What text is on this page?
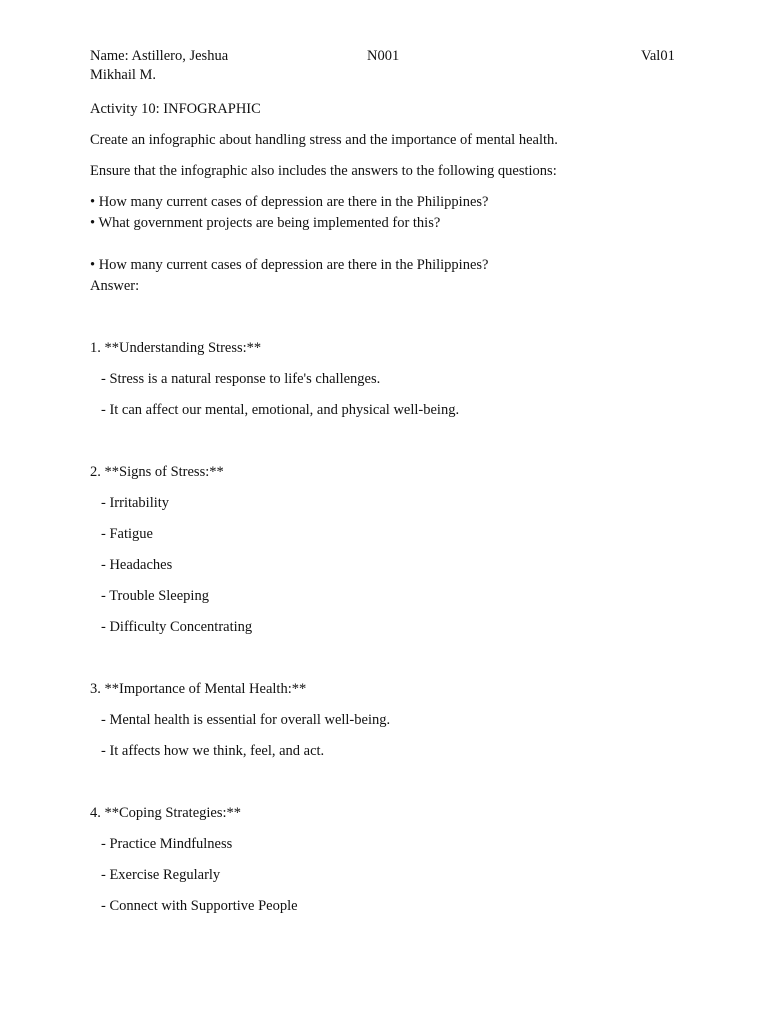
Name: Astillero, Jeshua	N001	Val01
Mikhail M.
Activity 10: INFOGRAPHIC
Create an infographic about handling stress and the importance of mental health.
Ensure that the infographic also includes the answers to the following questions:
• How many current cases of depression are there in the Philippines?
• What government projects are being implemented for this?
• How many current cases of depression are there in the Philippines?
Answer:
1. **Understanding Stress:**
- Stress is a natural response to life's challenges.
- It can affect our mental, emotional, and physical well-being.
2. **Signs of Stress:**
- Irritability
- Fatigue
- Headaches
- Trouble Sleeping
- Difficulty Concentrating
3. **Importance of Mental Health:**
- Mental health is essential for overall well-being.
- It affects how we think, feel, and act.
4. **Coping Strategies:**
- Practice Mindfulness
- Exercise Regularly
- Connect with Supportive People
